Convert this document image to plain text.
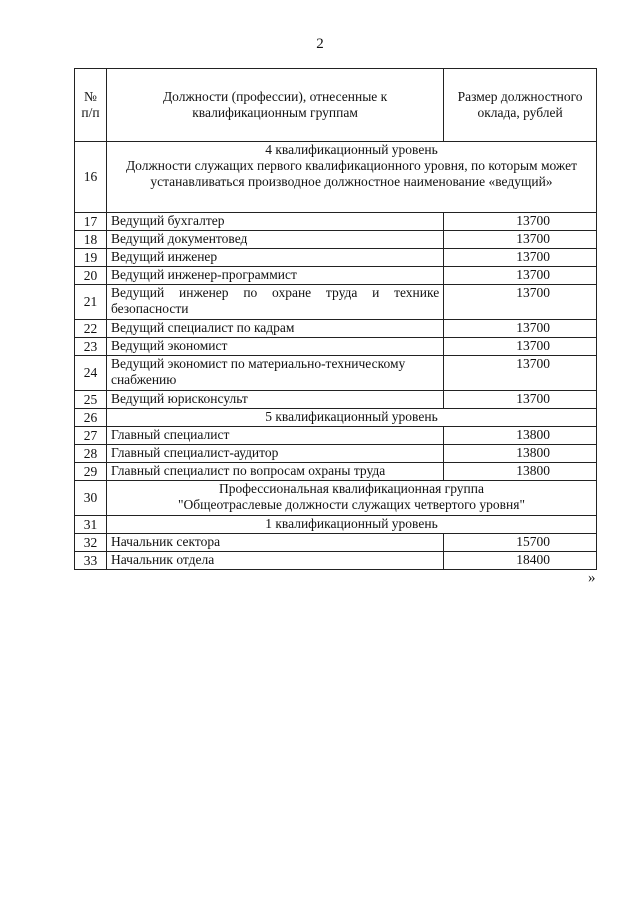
2
№ п/п	Должности (профессии), отнесенные к квалификационным группам	Размер должностного оклада, рублей
16	4 квалификационный уровень
Должности служащих первого квалификационного уровня, по которым может устанавливаться производное должностное наименование «ведущий»	

17	Ведущий бухгалтер	13700
18	Ведущий документовед	13700
19	Ведущий инженер	13700
20	Ведущий инженер-программист	13700
21	Ведущий инженер по охране труда и технике безопасности	13700
22	Ведущий специалист по кадрам	13700
23	Ведущий экономист	13700
24	Ведущий экономист по материально-техническому снабжению	13700
25	Ведущий юрисконсульт	13700
26	5 квалификационный уровень	
27	Главный специалист	13800
28	Главный специалист-аудитор	13800
29	Главный специалист по вопросам охраны труда	13800
30	Профессиональная квалификационная группа
"Общеотраслевые должности служащих четвертого уровня"	

31	1 квалификационный уровень	
32	Начальник сектора	15700
33	Начальник отдела	18400
»
